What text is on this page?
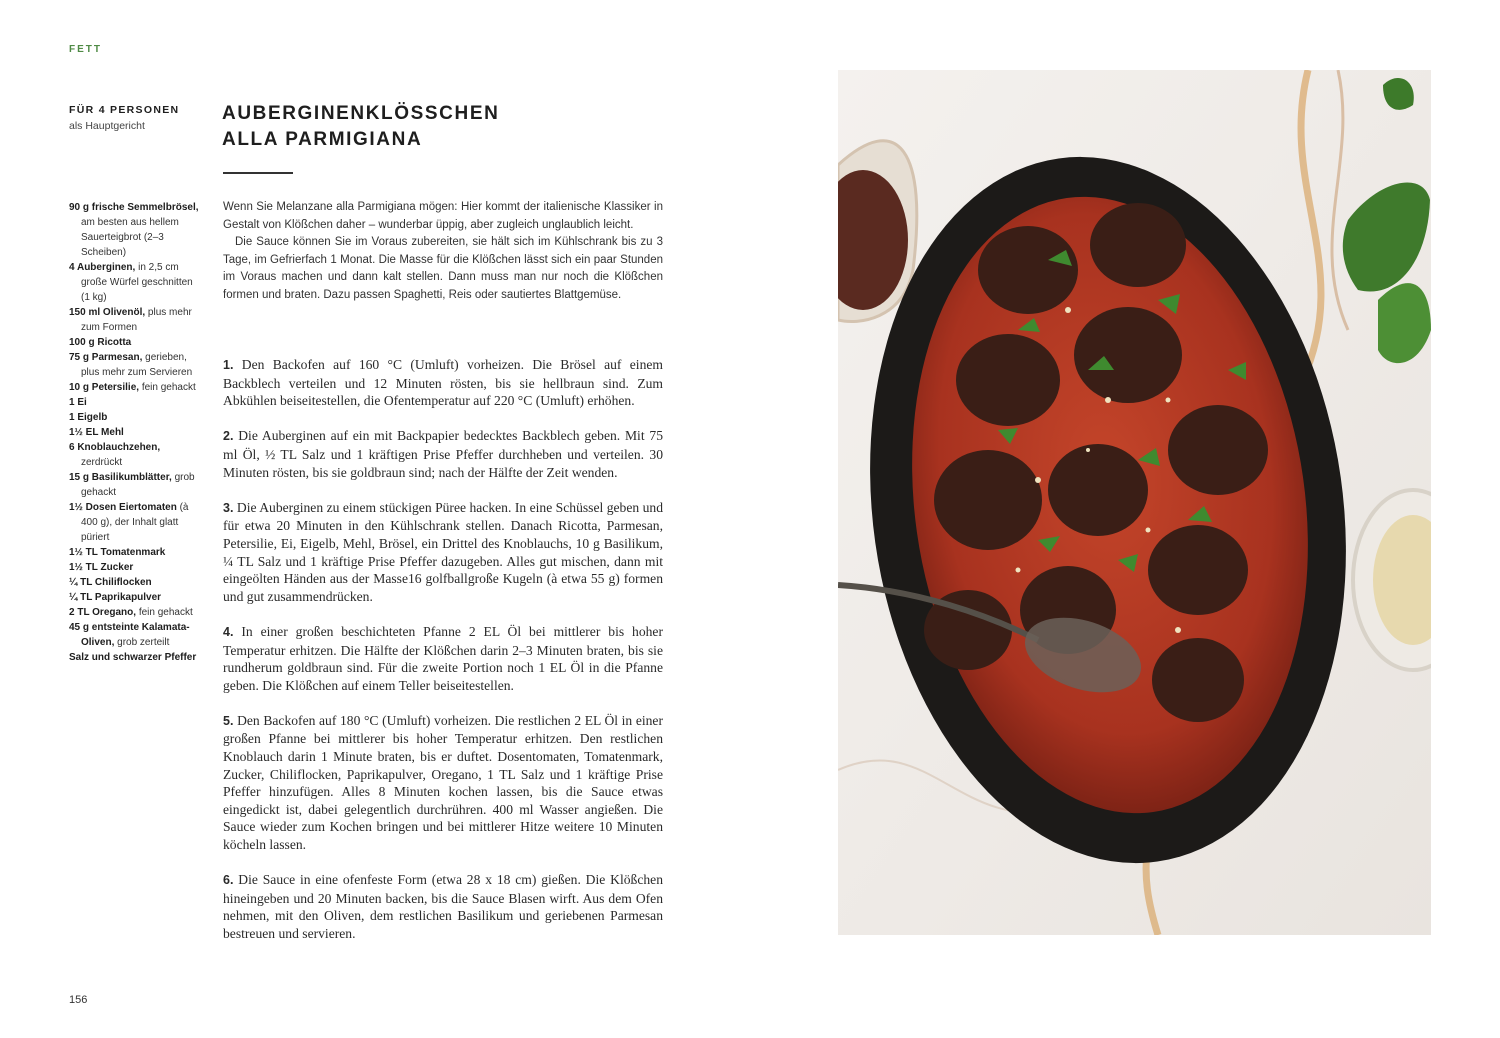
FETT
FÜR 4 PERSONEN
als Hauptgericht
90 g frische Semmelbrösel, am besten aus hellem Sauerteigbrot (2–3 Scheiben)
4 Auberginen, in 2,5 cm große Würfel geschnitten (1 kg)
150 ml Olivenöl, plus mehr zum Formen
100 g Ricotta
75 g Parmesan, gerieben, plus mehr zum Servieren
10 g Petersilie, fein gehackt
1 Ei
1 Eigelb
1½ EL Mehl
6 Knoblauchzehen, zerdrückt
15 g Basilikumblätter, grob gehackt
1½ Dosen Eiertomaten (à 400 g), der Inhalt glatt püriert
1½ TL Tomatenmark
1½ TL Zucker
¼ TL Chiliflocken
¼ TL Paprikapulver
2 TL Oregano, fein gehackt
45 g entsteinte Kalamata-Oliven, grob zerteilt
Salz und schwarzer Pfeffer
AUBERGINENKLÖSSCHEN
ALLA PARMIGIANA

Wenn Sie Melanzane alla Parmigiana mögen: Hier kommt der italienische Klassiker in Gestalt von Klößchen daher – wunderbar üppig, aber zugleich unglaublich leicht.

Die Sauce können Sie im Voraus zubereiten, sie hält sich im Kühlschrank bis zu 3 Tage, im Gefrierfach 1 Monat. Die Masse für die Klößchen lässt sich ein paar Stunden im Voraus machen und dann kalt stellen. Dann muss man nur noch die Klößchen formen und braten. Dazu passen Spaghetti, Reis oder sautiertes Blattgemüse.

1. Den Backofen auf 160 °C (Umluft) vorheizen. Die Brösel auf einem Backblech verteilen und 12 Minuten rösten, bis sie hellbraun sind. Zum Abkühlen beiseitestellen, die Ofentemperatur auf 220 °C (Umluft) erhöhen.

2. Die Auberginen auf ein mit Backpapier bedecktes Backblech geben. Mit 75 ml Öl, ½ TL Salz und 1 kräftigen Prise Pfeffer durchheben und verteilen. 30 Minuten rösten, bis sie goldbraun sind; nach der Hälfte der Zeit wenden.

3. Die Auberginen zu einem stückigen Püree hacken. In eine Schüssel geben und für etwa 20 Minuten in den Kühlschrank stellen. Danach Ricotta, Parmesan, Petersilie, Ei, Eigelb, Mehl, Brösel, ein Drittel des Knoblauchs, 10 g Basilikum, ¼ TL Salz und 1 kräftige Prise Pfeffer dazugeben. Alles gut mischen, dann mit eingeölten Händen aus der Masse16 golfballgroße Kugeln (à etwa 55 g) formen und gut zusammendrücken.

4. In einer großen beschichteten Pfanne 2 EL Öl bei mittlerer bis hoher Temperatur erhitzen. Die Hälfte der Klößchen darin 2–3 Minuten braten, bis sie rundherum goldbraun sind. Für die zweite Portion noch 1 EL Öl in die Pfanne geben. Die Klößchen auf einem Teller beiseitestellen.

5. Den Backofen auf 180 °C (Umluft) vorheizen. Die restlichen 2 EL Öl in einer großen Pfanne bei mittlerer bis hoher Temperatur erhitzen. Den restlichen Knoblauch darin 1 Minute braten, bis er duftet. Dosentomaten, Tomatenmark, Zucker, Chiliflocken, Paprikapulver, Oregano, 1 TL Salz und 1 kräftige Prise Pfeffer hinzufügen. Alles 8 Minuten kochen lassen, bis die Sauce etwas eingedickt ist, dabei gelegentlich durchrühren. 400 ml Wasser angießen. Die Sauce wieder zum Kochen bringen und bei mittlerer Hitze weitere 10 Minuten köcheln lassen.

6. Die Sauce in eine ofenfeste Form (etwa 28 x 18 cm) gießen. Die Klößchen hineingeben und 20 Minuten backen, bis die Sauce Blasen wirft. Aus dem Ofen nehmen, mit den Oliven, dem restlichen Basilikum und geriebenen Parmesan bestreuen und servieren.

156
